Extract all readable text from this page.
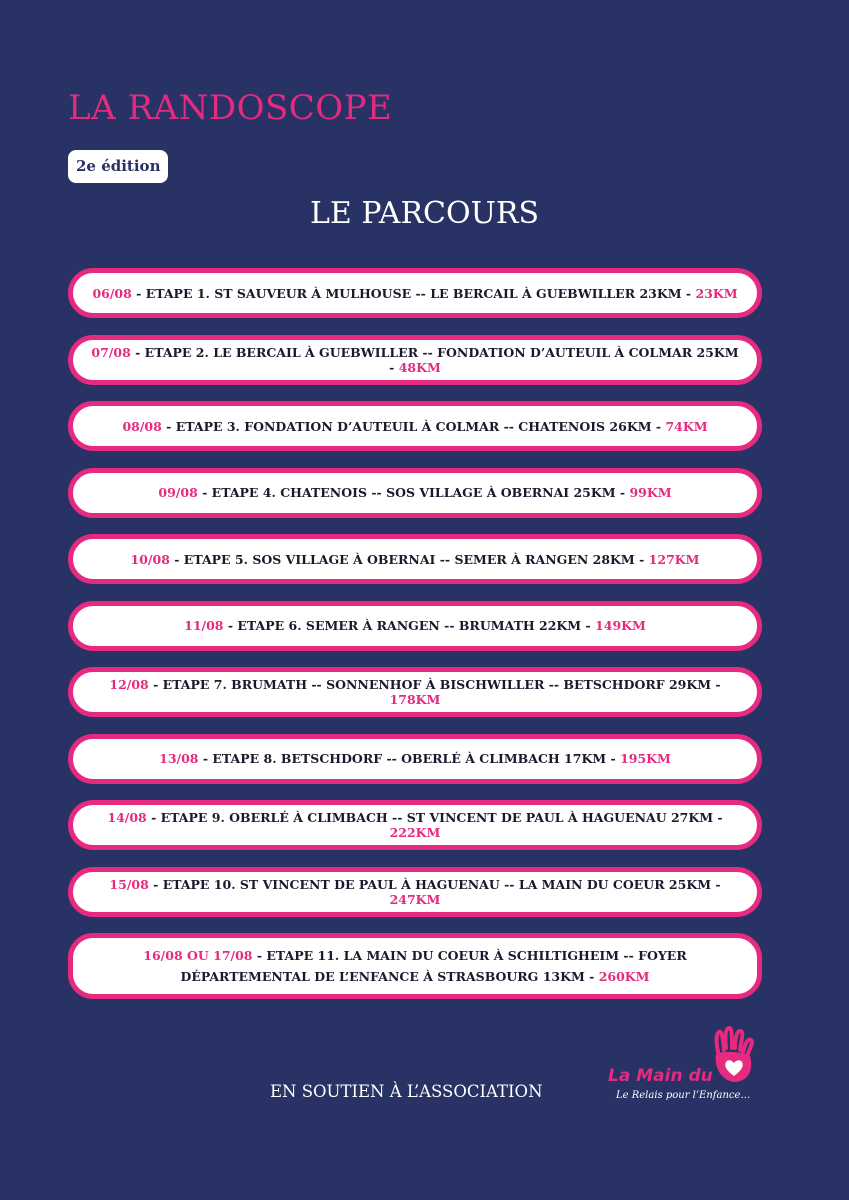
LA RANDOSCOPE
2e édition
LE PARCOURS
06/08 - ETAPE 1. ST SAUVEUR À MULHOUSE -- LE BERCAIL À GUEBWILLER 23KM - 23KM
07/08 - ETAPE 2. LE BERCAIL À GUEBWILLER -- FONDATION D’AUTEUIL À COLMAR 25KM - 48KM
08/08 - ETAPE 3. FONDATION D’AUTEUIL À COLMAR -- CHATENOIS 26KM - 74KM
09/08 - ETAPE 4. CHATENOIS -- SOS VILLAGE À OBERNAI 25KM - 99KM
10/08 - ETAPE 5. SOS VILLAGE À OBERNAI -- SEMER À RANGEN 28KM - 127KM
11/08 - ETAPE 6. SEMER À RANGEN -- BRUMATH 22KM - 149KM
12/08 - ETAPE 7. BRUMATH -- SONNENHOF À BISCHWILLER -- BETSCHDORF 29KM - 178KM
13/08 - ETAPE 8. BETSCHDORF -- OBERLÉ À CLIMBACH 17KM - 195KM
14/08 - ETAPE 9. OBERLÉ À CLIMBACH -- ST VINCENT DE PAUL À HAGUENAU 27KM - 222KM
15/08 - ETAPE 10. ST VINCENT DE PAUL À HAGUENAU -- LA MAIN DU COEUR 25KM - 247KM
16/08 OU 17/08 - ETAPE 11. LA MAIN DU COEUR À SCHILTIGHEIM -- FOYER DÉPARTEMENTAL DE L’ENFANCE À STRASBOURG 13KM - 260KM
EN SOUTIEN À L’ASSOCIATION
La Main du
Le Relais pour l’Enfance…
